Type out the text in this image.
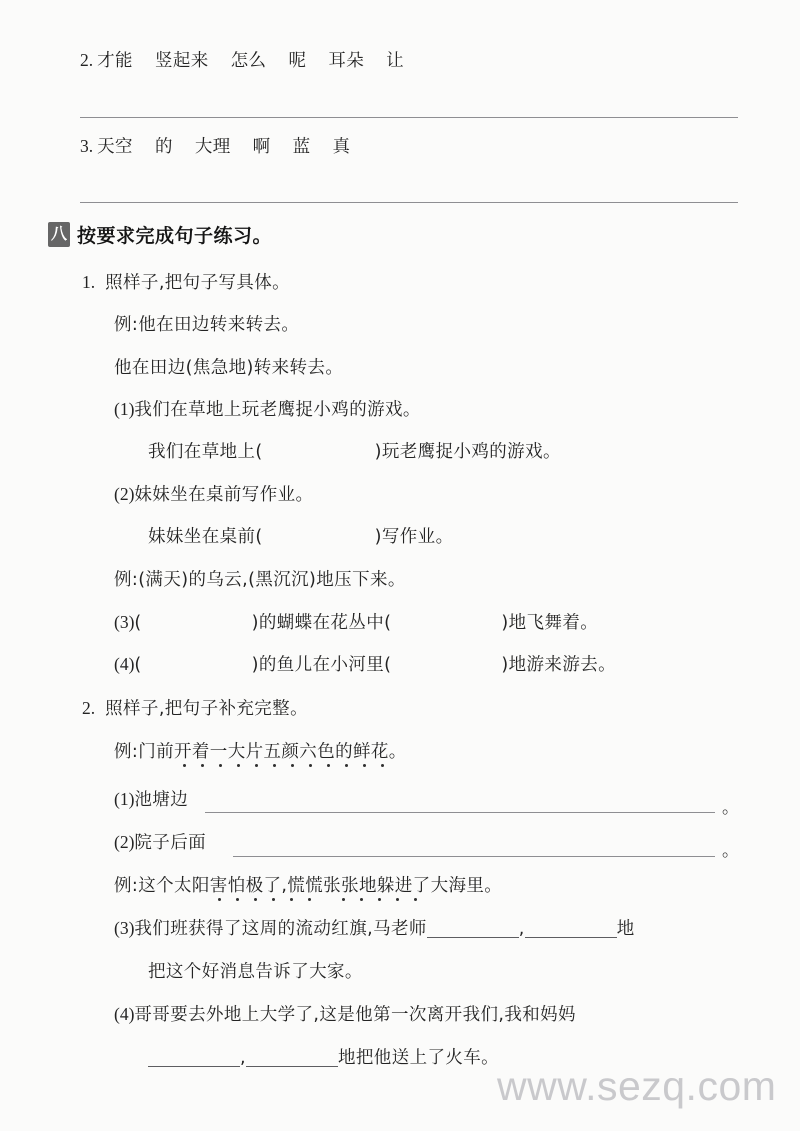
2. 才能 竖起来 怎么 呢 耳朵 让
3. 天空 的 大理 啊 蓝 真
八 按要求完成句子练习。
1. 照样子,把句子写具体。
例:他在田边转来转去。
他在田边(焦急地)转来转去。
(1)我们在草地上玩老鹰捉小鸡的游戏。
我们在草地上(	)玩老鹰捉小鸡的游戏。
(2)妹妹坐在桌前写作业。
妹妹坐在桌前(	)写作业。
例:(满天)的乌云,(黑沉沉)地压下来。
(3)(	)的蝴蝶在花丛中(	)地飞舞着。
(4)(	)的鱼儿在小河里(	)地游来游去。
2. 照样子,把句子补充完整。
例:门前开着一大片五颜六色的鲜花。
(1)池塘边	。
(2)院子后面	。
例:这个太阳害怕极了,慌慌张张地躲进了大海里。
(3)我们班获得了这周的流动红旗,马老师	,	地
把这个好消息告诉了大家。
(4)哥哥要去外地上大学了,这是他第一次离开我们,我和妈妈
,	地把他送上了火车。
www.sezq.com
